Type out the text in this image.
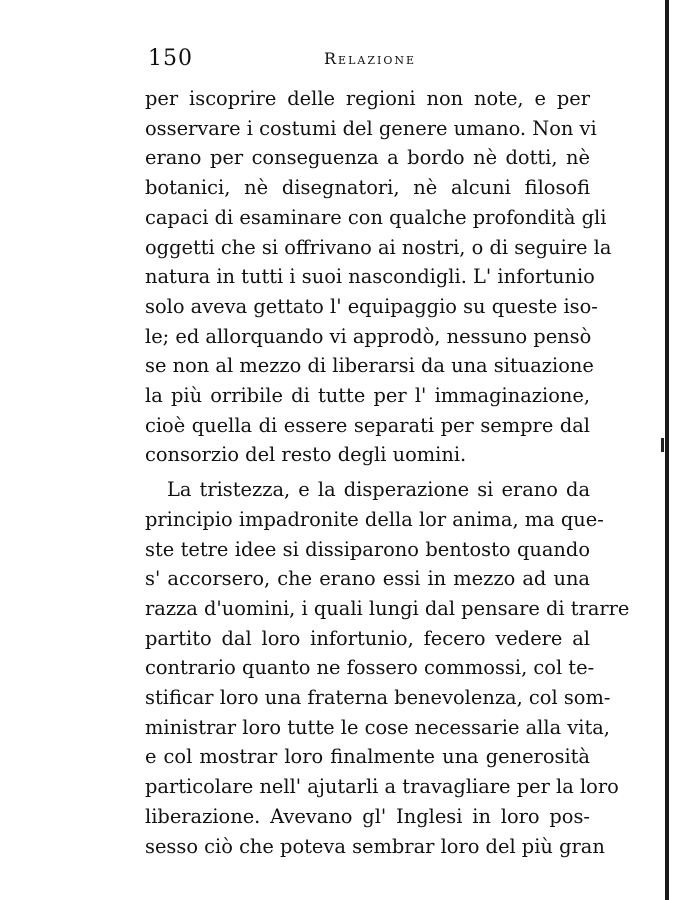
150	Relazione
per iscoprire delle regioni non note, e per
osservare i costumi del genere umano. Non vi
erano per conseguenza a bordo nè dotti, nè
botanici, nè disegnatori, nè alcuni filosofi
capaci di esaminare con qualche profondità gli
oggetti che si offrivano ai nostri, o di seguire la
natura in tutti i suoi nascondigli. L' infortunio
solo aveva gettato l' equipaggio su queste iso-
le; ed allorquando vi approdò, nessuno pensò
se non al mezzo di liberarsi da una situazione
la più orribile di tutte per l' immaginazione,
cioè quella di essere separati per sempre dal
consorzio del resto degli uomini.
La tristezza, e la disperazione si erano da
principio impadronite della lor anima, ma que-
ste tetre idee si dissiparono bentosto quando
s' accorsero, che erano essi in mezzo ad una
razza d'uomini, i quali lungi dal pensare di trarre
partito dal loro infortunio, fecero vedere al
contrario quanto ne fossero commossi, col te-
stificar loro una fraterna benevolenza, col som-
ministrar loro tutte le cose necessarie alla vita,
e col mostrar loro finalmente una generosità
particolare nell' ajutarli a travagliare per la loro
liberazione. Avevano gl' Inglesi in loro pos-
sesso ciò che poteva sembrar loro del più gran
